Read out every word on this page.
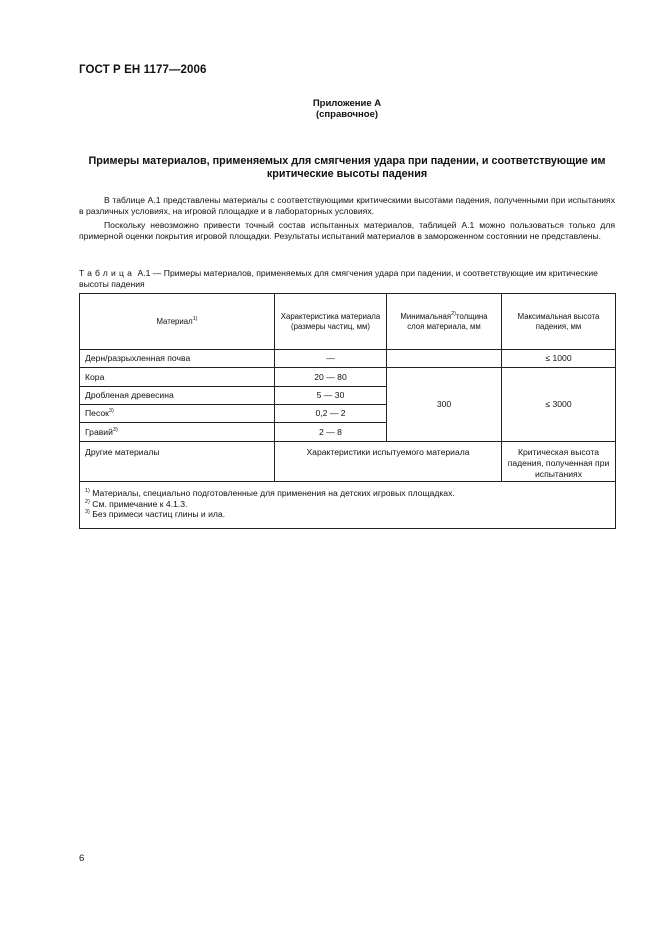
ГОСТ Р ЕН 1177—2006
Приложение А
(справочное)
Примеры материалов, применяемых для смягчения удара при падении, и соответствующие им критические высоты падения

В таблице А.1 представлены материалы с соответствующими критическими высотами падения, полученными при испытаниях в различных условиях, на игровой площадке и в лабораторных условиях.

Поскольку невозможно привести точный состав испытанных материалов, таблицей А.1 можно пользоваться только для примерной оценки покрытия игровой площадки. Результаты испытаний материалов в замороженном состоянии не представлены.

Таблица А.1 — Примеры материалов, применяемых для смягчения удара при падении, и соответствующие им критические высоты падения

Материал$^{1)}$	Характеристика материала (размеры частиц, мм)	Минимальная$^{2)}$толщина слоя материала, мм	Максимальная высота падения, мм
Дерн/разрыхленная почва	—		≤ 1000
Кора	20 — 80	300	≤ 3000
Дробленая древесина	5 — 30		
Песок$^{3)}$	0,2 — 2		
Гравий$^{3)}$	2 — 8		
Другие материалы	Характеристики испытуемого материала		Критическая высота падения, полученная при испытаниях

$^{1)}$ Материалы, специально подготовленные для применения на детских игровых площадках.
$^{2)}$ См. примечание к 4.1.3.
$^{3)}$ Без примеси частиц глины и ила.			
6
